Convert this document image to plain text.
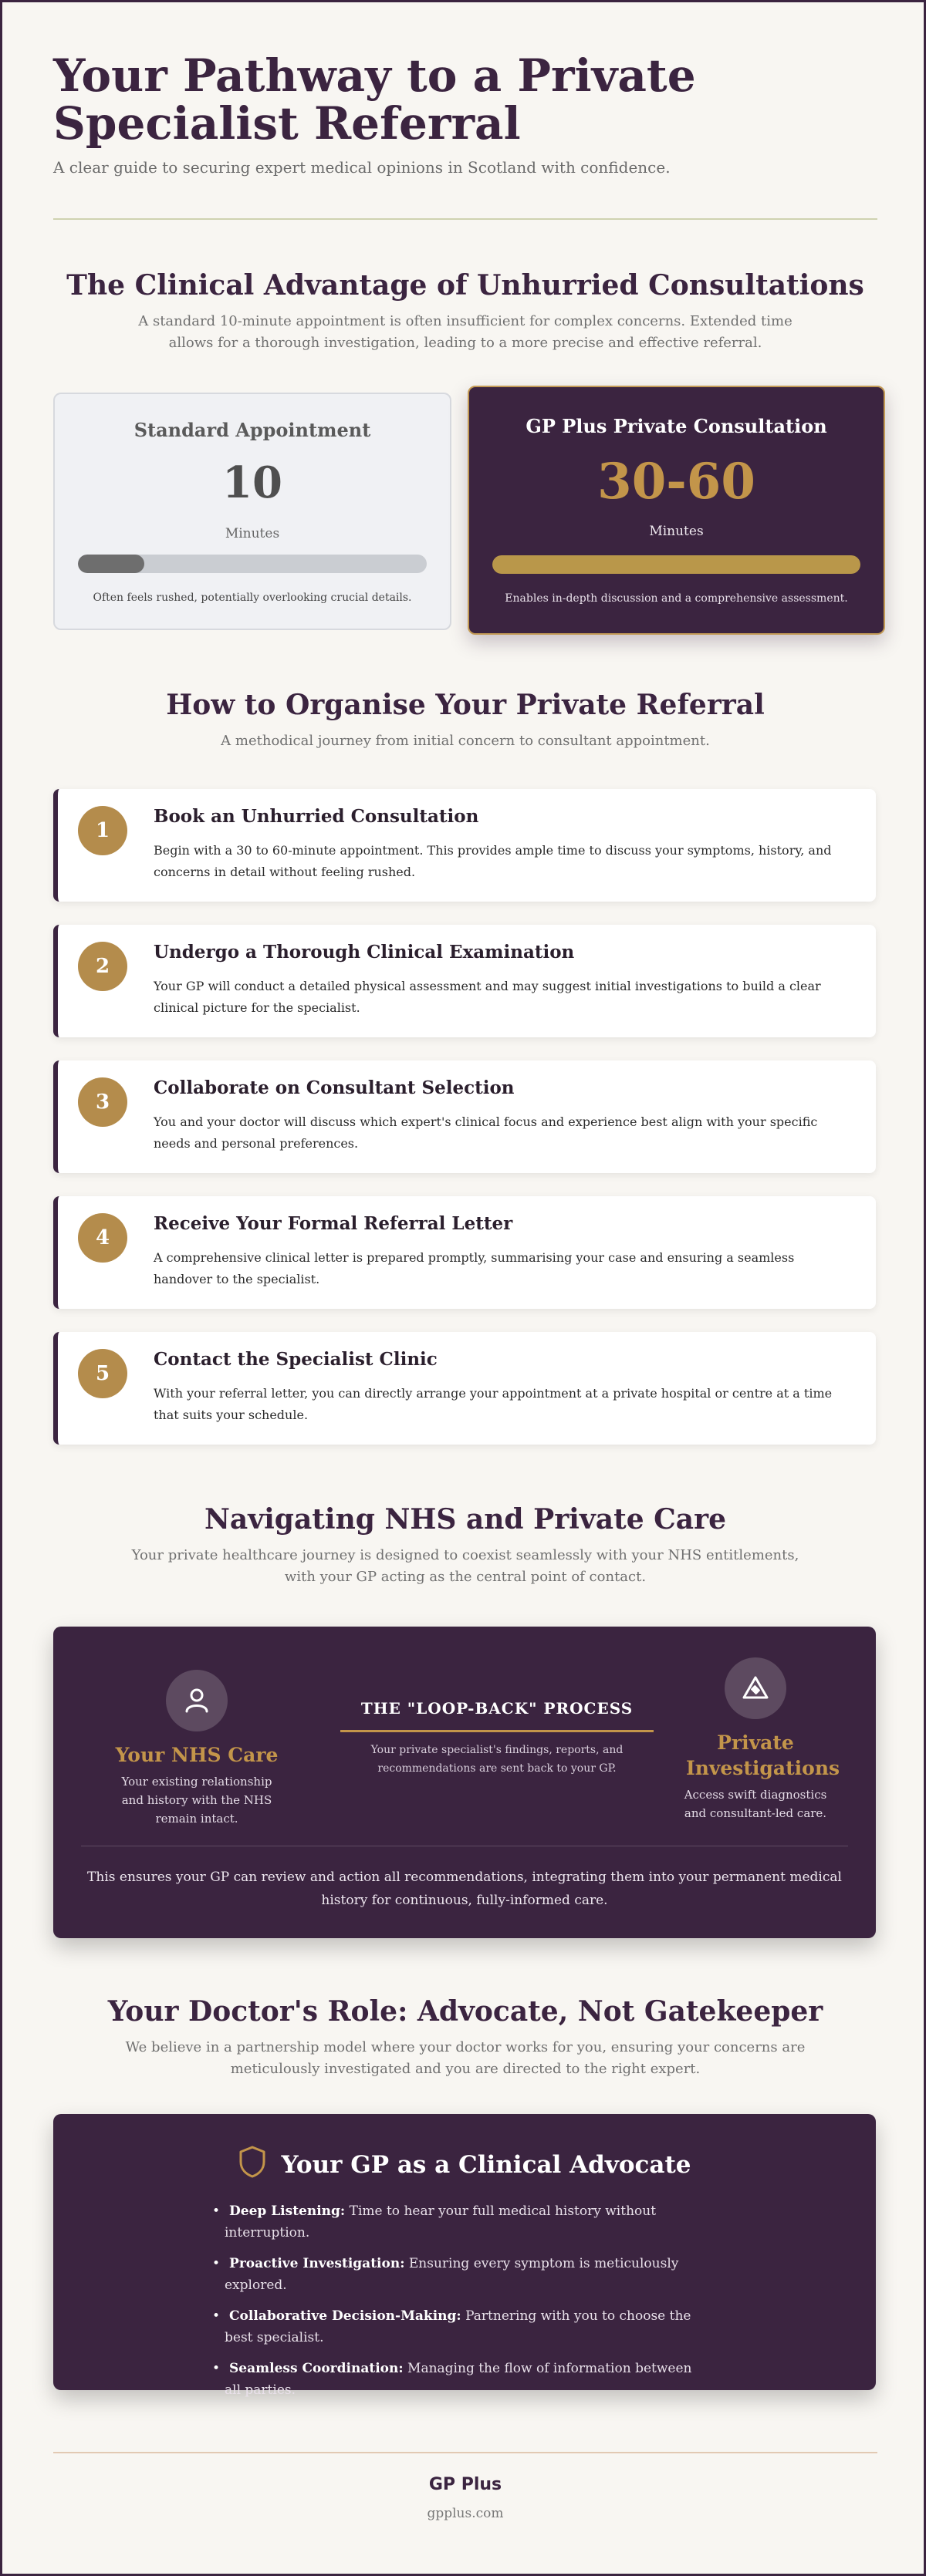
Your Pathway to a Private Specialist Referral

A clear guide to securing expert medical opinions in Scotland with confidence.

The Clinical Advantage of Unhurried Consultations

A standard 10-minute appointment is often insufficient for complex concerns. Extended time allows for a thorough investigation, leading to a more precise and effective referral.

Standard Appointment
10
Minutes
Often feels rushed, potentially overlooking crucial details.
GP Plus Private Consultation
30-60
Minutes
Enables in-depth discussion and a comprehensive assessment.
How to Organise Your Private Referral

A methodical journey from initial concern to consultant appointment.

1
Book an Unhurried Consultation
Begin with a 30 to 60-minute appointment. This provides ample time to discuss your symptoms, history, and concerns in detail without feeling rushed.
2
Undergo a Thorough Clinical Examination
Your GP will conduct a detailed physical assessment and may suggest initial investigations to build a clear clinical picture for the specialist.
3
Collaborate on Consultant Selection
You and your doctor will discuss which expert's clinical focus and experience best align with your specific needs and personal preferences.
4
Receive Your Formal Referral Letter
A comprehensive clinical letter is prepared promptly, summarising your case and ensuring a seamless handover to the specialist.
5
Contact the Specialist Clinic
With your referral letter, you can directly arrange your appointment at a private hospital or centre at a time that suits your schedule.
Navigating NHS and Private Care

Your private healthcare journey is designed to coexist seamlessly with your NHS entitlements, with your GP acting as the central point of contact.

Your NHS Care
Your existing relationship and history with the NHS remain intact.
THE "LOOP-BACK" PROCESS
Your private specialist's findings, reports, and recommendations are sent back to your GP.
Private Investigations
Access swift diagnostics and consultant-led care.
This ensures your GP can review and action all recommendations, integrating them into your permanent medical history for continuous, fully-informed care.
Your Doctor's Role: Advocate, Not Gatekeeper

We believe in a partnership model where your doctor works for you, ensuring your concerns are meticulously investigated and you are directed to the right expert.

Your GP as a Clinical Advocate
• Deep Listening: Time to hear your full medical history without interruption.
• Proactive Investigation: Ensuring every symptom is meticulously explored.
• Collaborative Decision-Making: Partnering with you to choose the best specialist.
• Seamless Coordination: Managing the flow of information between all parties.
GP Plus
gpplus.com
